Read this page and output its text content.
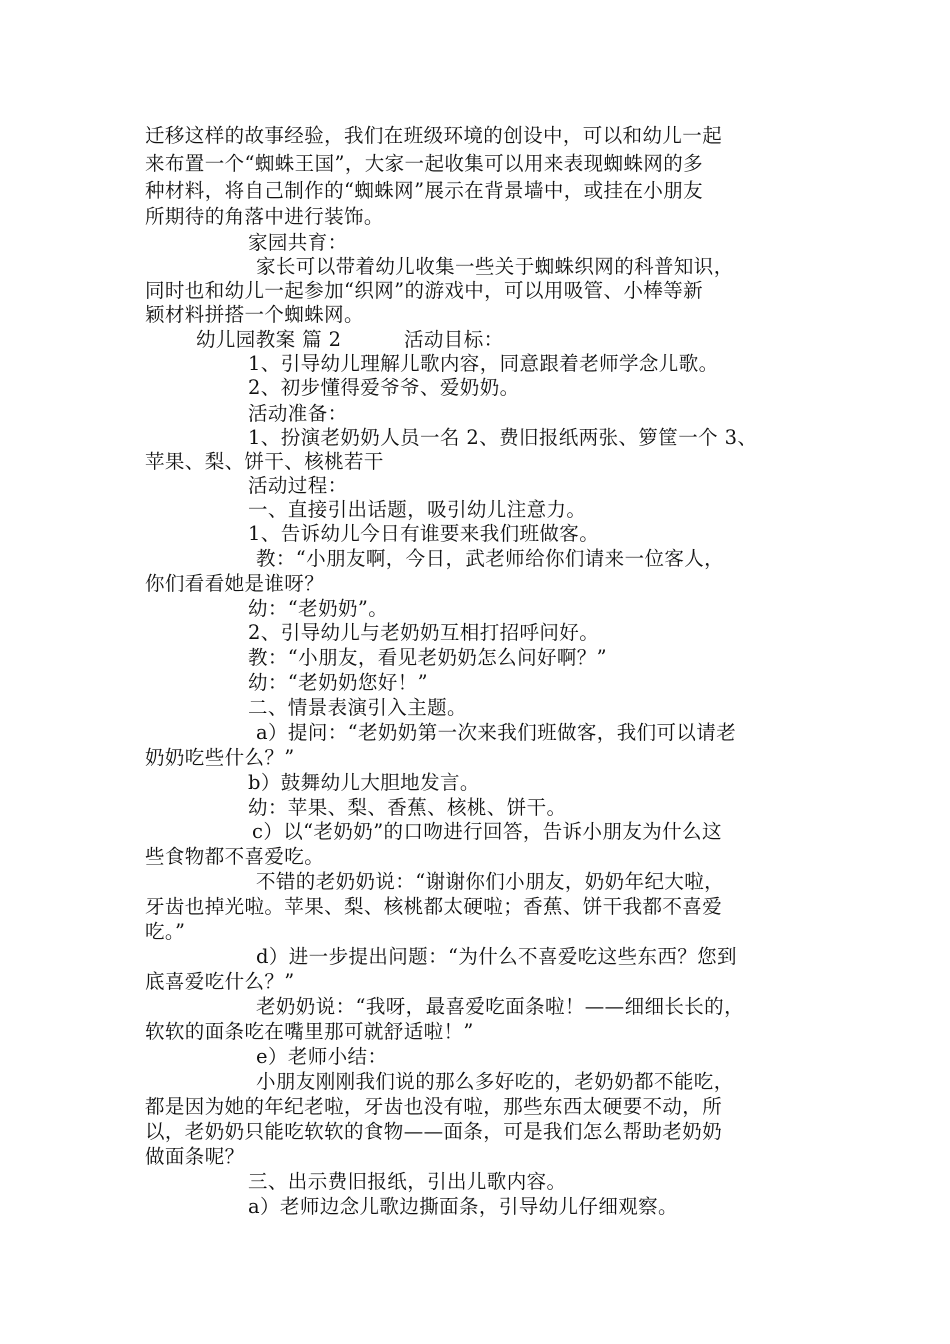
迁移这样的故事经验，我们在班级环境的创设中，可以和幼儿一起
来布置一个“蜘蛛王国”，大家一起收集可以用来表现蜘蛛网的多
种材料，将自己制作的“蜘蛛网”展示在背景墙中，或挂在小朋友
所期待的角落中进行装饰。
家园共育：
家长可以带着幼儿收集一些关于蜘蛛织网的科普知识，
同时也和幼儿一起参加“织网”的游戏中，可以用吸管、小棒等新
颖材料拼搭一个蜘蛛网。
幼儿园教案 篇 2	活动目标：
1、引导幼儿理解儿歌内容，同意跟着老师学念儿歌。
2、初步懂得爱爷爷、爱奶奶。
活动准备：
1、扮演老奶奶人员一名 2、费旧报纸两张、箩筐一个 3、
苹果、梨、饼干、核桃若干
活动过程：
一、直接引出话题，吸引幼儿注意力。
1、告诉幼儿今日有谁要来我们班做客。
教：“小朋友啊，今日，武老师给你们请来一位客人，
你们看看她是谁呀？
幼：“老奶奶”。
2、引导幼儿与老奶奶互相打招呼问好。
教：“小朋友，看见老奶奶怎么问好啊？”
幼：“老奶奶您好！”
二、情景表演引入主题。
a）提问：“老奶奶第一次来我们班做客，我们可以请老
奶奶吃些什么？”
b）鼓舞幼儿大胆地发言。
幼：苹果、梨、香蕉、核桃、饼干。
c）以“老奶奶”的口吻进行回答，告诉小朋友为什么这
些食物都不喜爱吃。
不错的老奶奶说：“谢谢你们小朋友，奶奶年纪大啦，
牙齿也掉光啦。苹果、梨、核桃都太硬啦；香蕉、饼干我都不喜爱
吃。”
d）进一步提出问题：“为什么不喜爱吃这些东西？您到
底喜爱吃什么？”
老奶奶说：“我呀，最喜爱吃面条啦！——细细长长的，
软软的面条吃在嘴里那可就舒适啦！”
e）老师小结：
小朋友刚刚我们说的那么多好吃的，老奶奶都不能吃，
都是因为她的年纪老啦，牙齿也没有啦，那些东西太硬要不动，所
以，老奶奶只能吃软软的食物——面条，可是我们怎么帮助老奶奶
做面条呢？
三、出示费旧报纸，引出儿歌内容。
a）老师边念儿歌边撕面条，引导幼儿仔细观察。
